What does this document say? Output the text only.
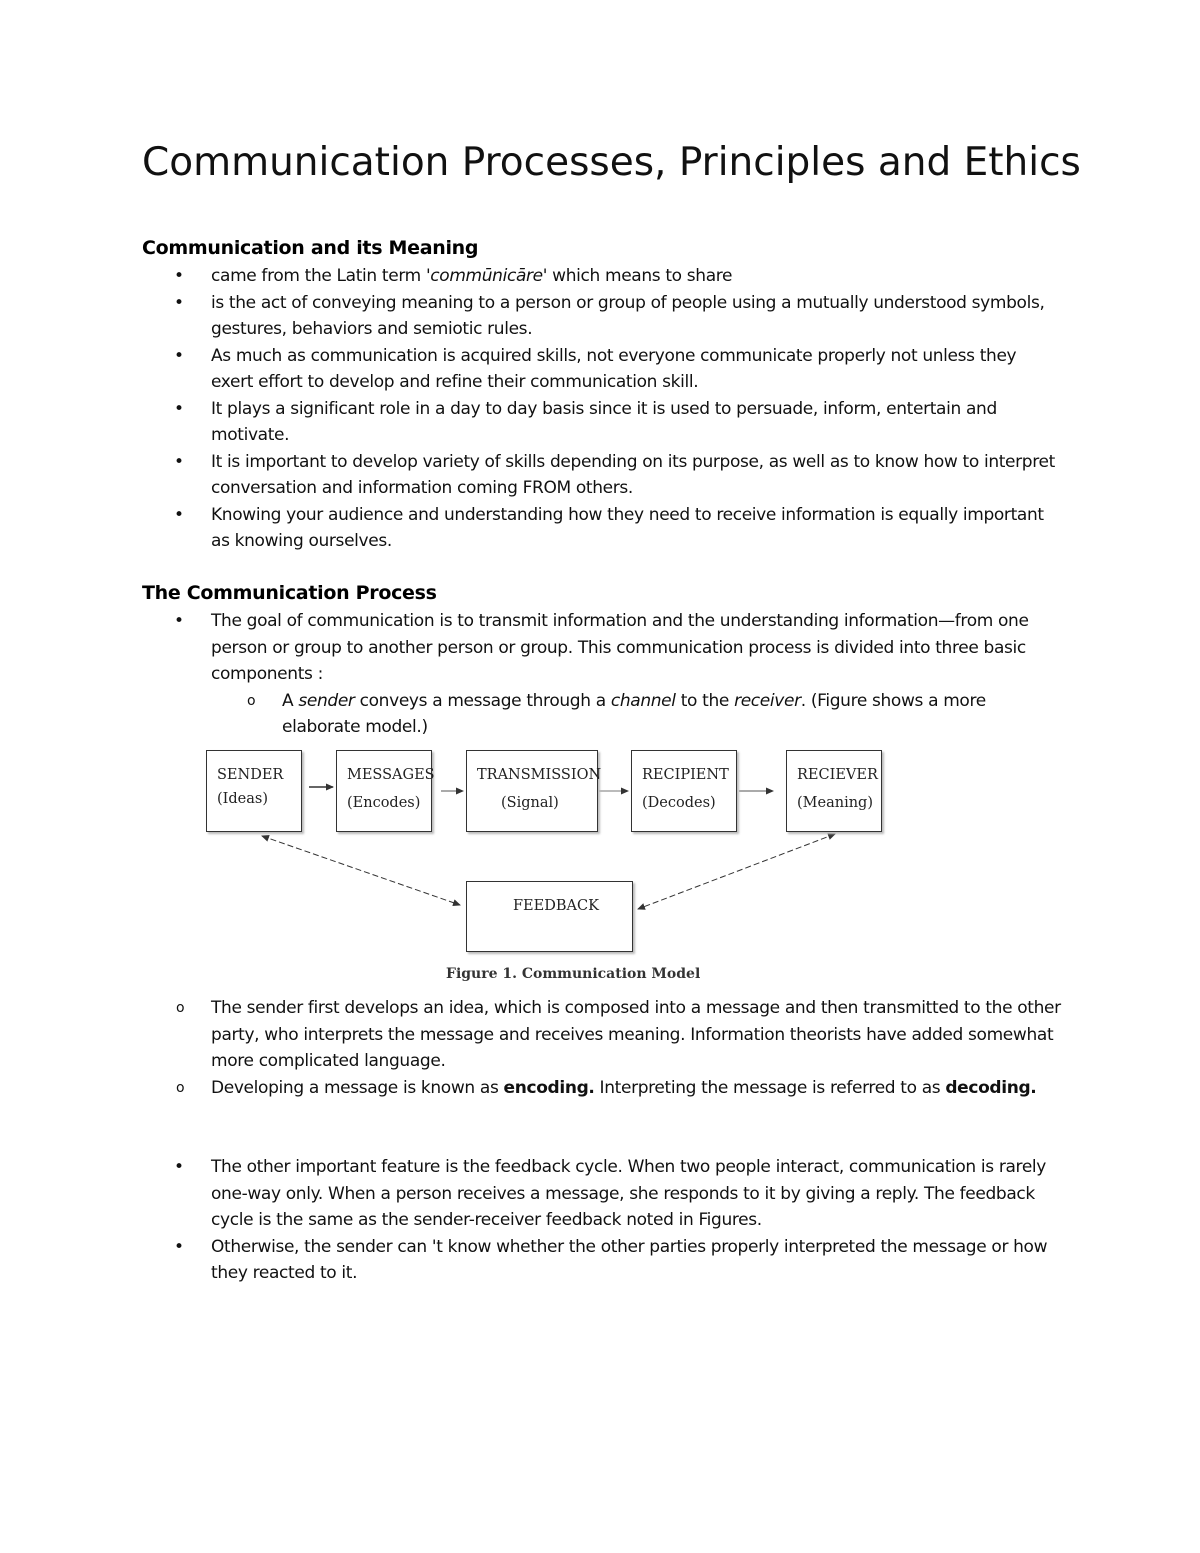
Communication Processes, Principles and Ethics
Communication and its Meaning
• came from the Latin term 'commūnicāre' which means to share
• is the act of conveying meaning to a person or group of people using a mutually understood symbols, gestures, behaviors and semiotic rules.
• As much as communication is acquired skills, not everyone communicate properly not unless they exert effort to develop and refine their communication skill.
• It plays a significant role in a day to day basis since it is used to persuade, inform, entertain and motivate.
• It is important to develop variety of skills depending on its purpose, as well as to know how to interpret conversation and information coming FROM others.
• Knowing your audience and understanding how they need to receive information is equally important as knowing ourselves.
The Communication Process
• The goal of communication is to transmit information and the understanding information—from one person or group to another person or group. This communication process is divided into three basic components :
o A sender conveys a message through a channel to the receiver. (Figure shows a more elaborate model.)
SENDER
(Ideas)
MESSAGES
(Encodes)
TRANSMISSION
(Signal)
RECIPIENT
(Decodes)
RECIEVER
(Meaning)
FEEDBACK
Figure 1. Communication Model
o The sender first develops an idea, which is composed into a message and then transmitted to the other party, who interprets the message and receives meaning. Information theorists have added somewhat more complicated language.
o Developing a message is known as encoding. Interpreting the message is referred to as decoding.
• The other important feature is the feedback cycle. When two people interact, communication is rarely one-way only. When a person receives a message, she responds to it by giving a reply. The feedback cycle is the same as the sender-receiver feedback noted in Figures.
• Otherwise, the sender can 't know whether the other parties properly interpreted the message or how they reacted to it.
